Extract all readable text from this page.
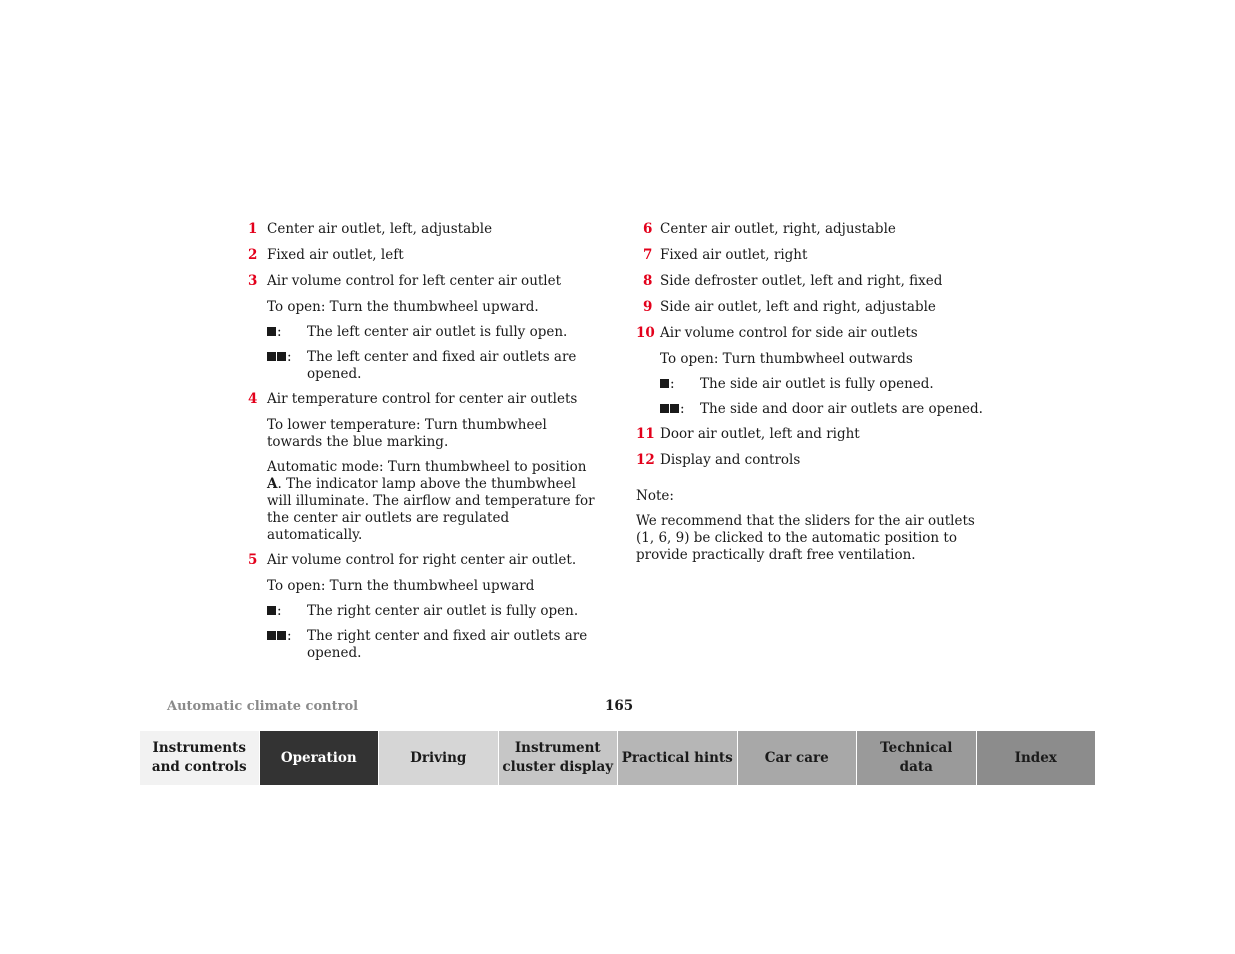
1 Center air outlet, left, adjustable
2 Fixed air outlet, left
3 Air volume control for left center air outlet
To open: Turn the thumbwheel upward.
: The left center air outlet is fully open.
: The left center and fixed air outlets are opened.
4 Air temperature control for center air outlets
To lower temperature: Turn thumbwheel towards the blue marking.
Automatic mode: Turn thumbwheel to position A. The indicator lamp above the thumbwheel will illuminate. The airflow and temperature for the center air outlets are regulated automatically.
5 Air volume control for right center air outlet.
To open: Turn the thumbwheel upward
: The right center air outlet is fully open.
: The right center and fixed air outlets are opened.
6 Center air outlet, right, adjustable
7 Fixed air outlet, right
8 Side defroster outlet, left and right, fixed
9 Side air outlet, left and right, adjustable
10 Air volume control for side air outlets
To open: Turn thumbwheel outwards
: The side air outlet is fully opened.
: The side and door air outlets are opened.
11 Door air outlet, left and right
12 Display and controls
Note:
We recommend that the sliders for the air outlets (1, 6, 9) be clicked to the automatic position to provide practically draft free ventilation.
Automatic climate control	165
Instruments
and controls
Operation	Driving
Instrument
cluster display
Practical hints Car care
Technical
data
Index
